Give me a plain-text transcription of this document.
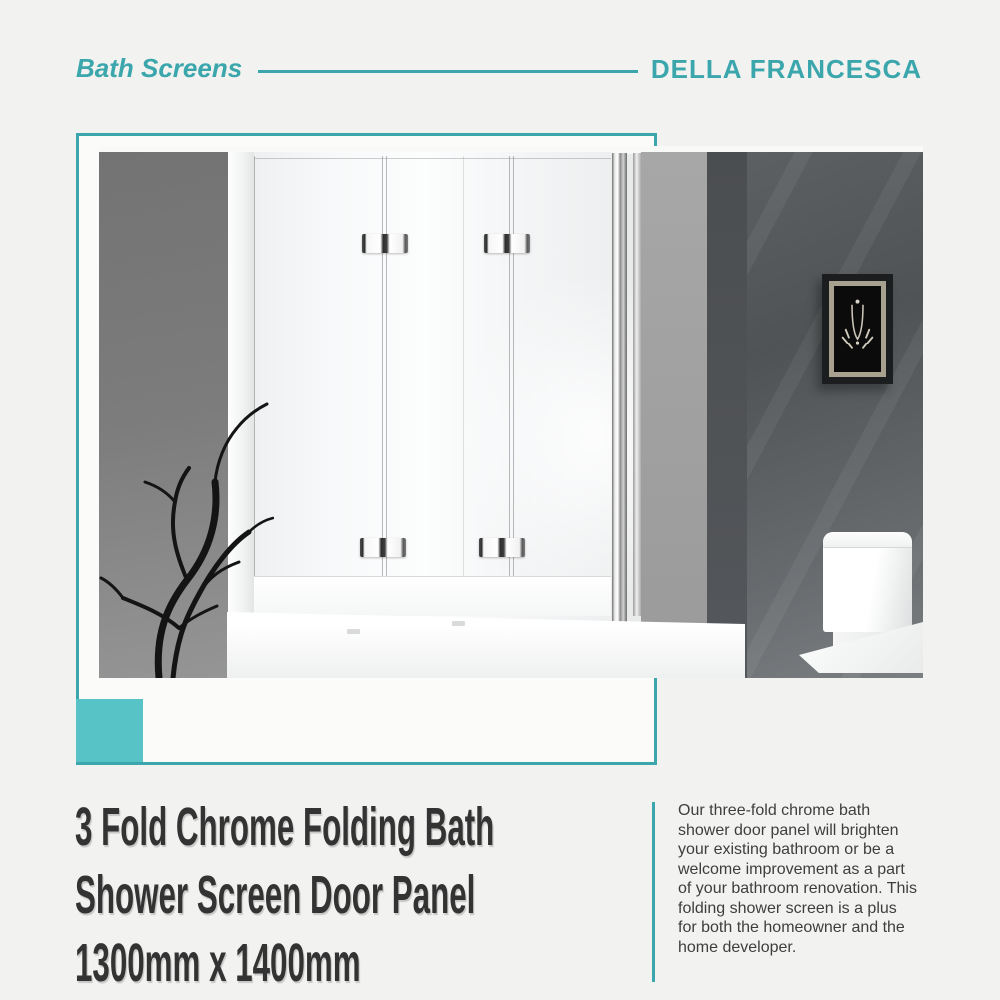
Bath Screens	DELLA FRANCESCA
3 Fold Chrome Folding Bath
Shower Screen Door Panel
1300mm x 1400mm
Our three-fold chrome bath shower door panel will brighten your existing bathroom or be a welcome improvement as a part of your bathroom renovation. This folding shower screen is a plus for both the homeowner and the home developer.
